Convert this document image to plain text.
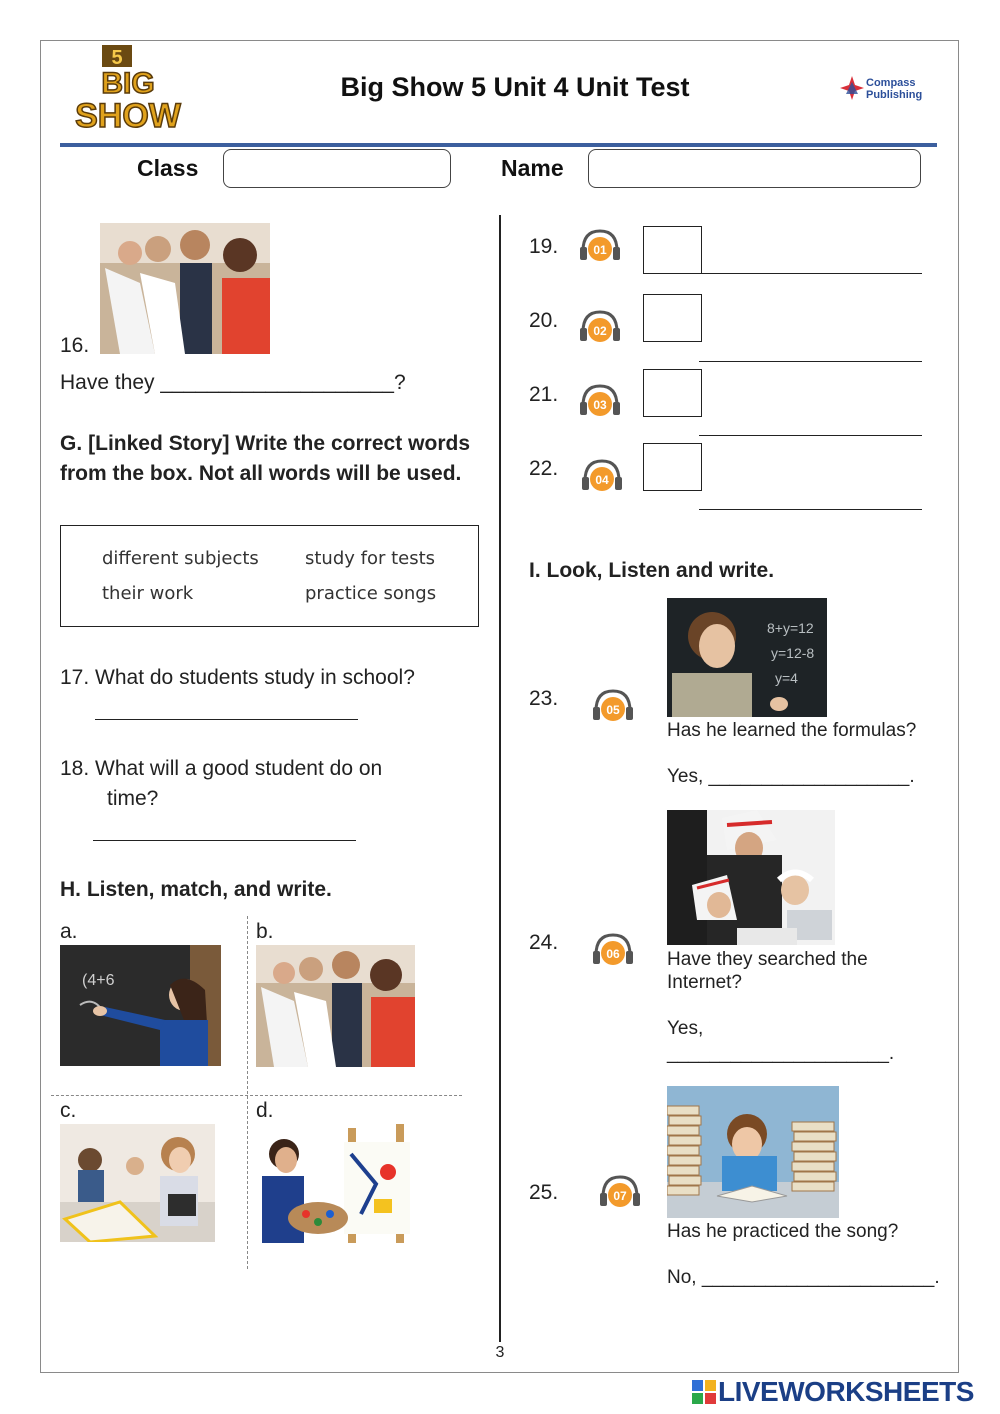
5
BIG
SHOW
Big Show 5 Unit 4 Unit Test	Compass
Publishing
Class	Name
16.
Have they ____________________?
G. [Linked Story] Write the correct words from the box. Not all words will be used.
different subjects	study for tests
their work	practice songs
17. What do students study in school?
18. What will a good student do on
time?
H. Listen, match, and write.
a.
(4+6
b.
c.	d.
19.	01
20.	02
21.	03
22.	04
I. Look, Listen and write.
8+y=12
y=12-8
y=4
23.	05
Has he learned the formulas?
Yes, ___________________.
24.	06 Have they searched the
Internet?
Yes,
_____________________.
25.	07
Has he practiced the song?
No, ______________________.
3
LIVEWORKSHEETS
